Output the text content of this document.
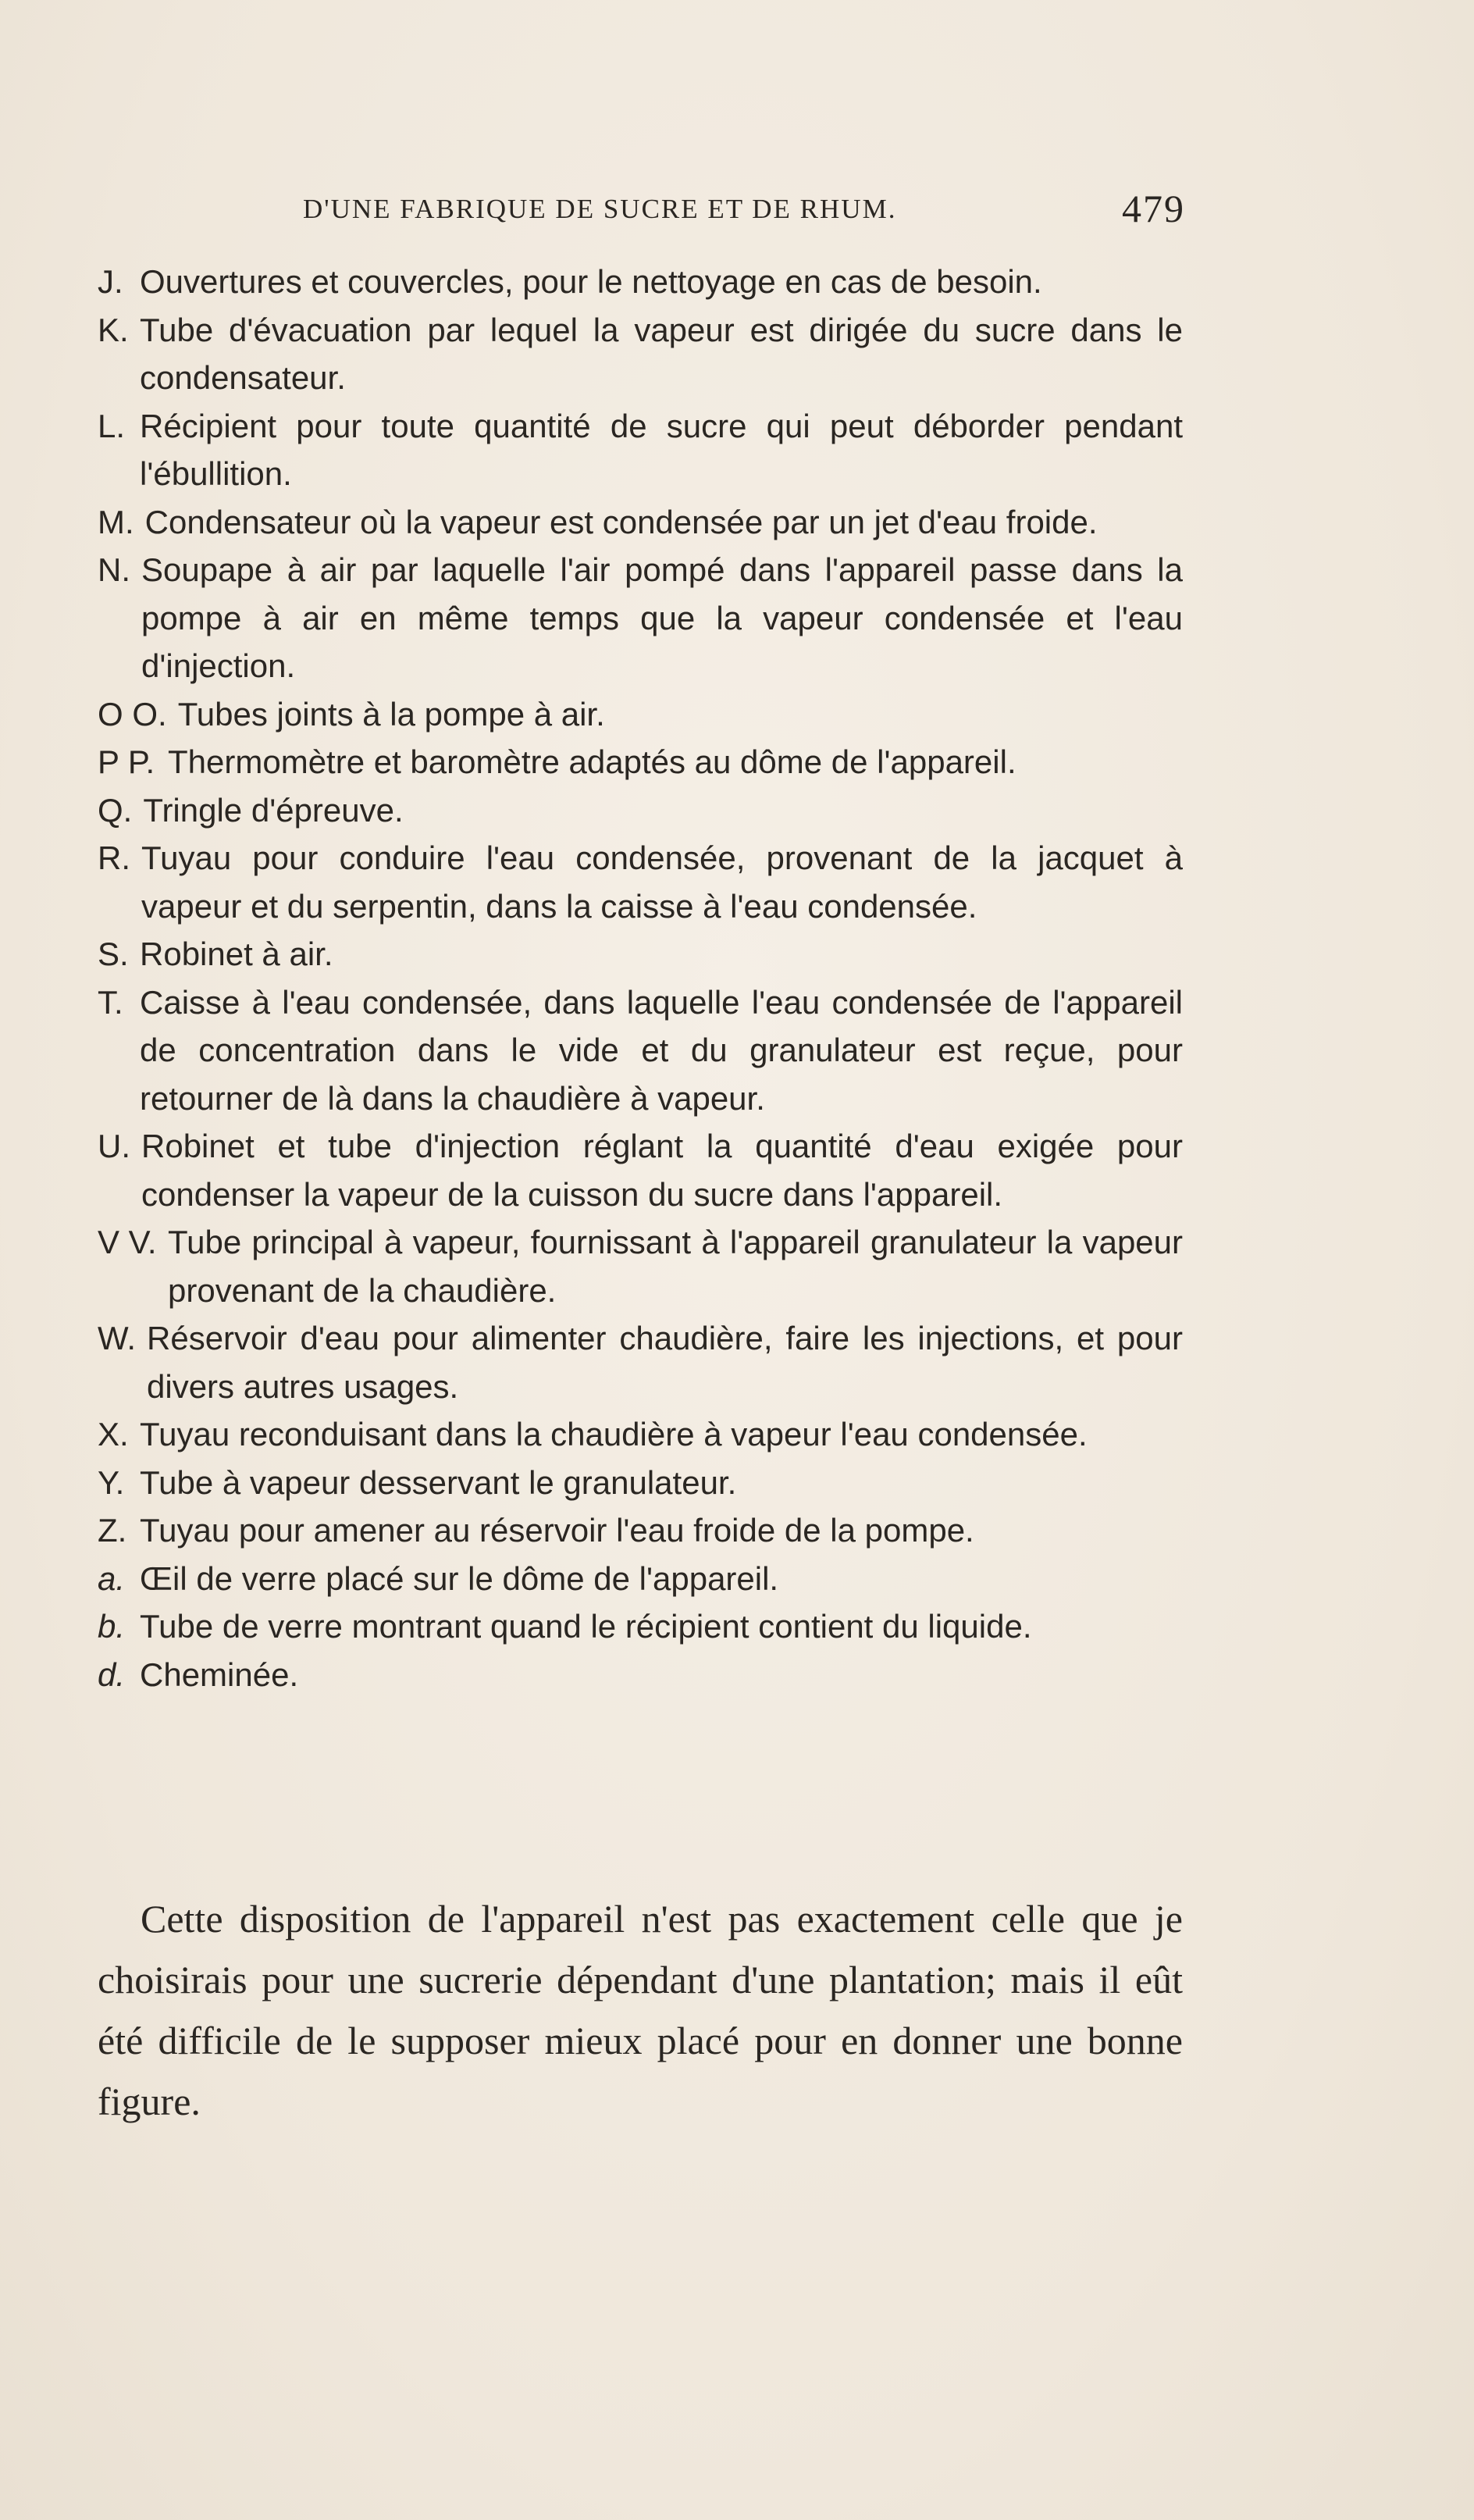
D'UNE FABRIQUE DE SUCRE ET DE RHUM.	479
J. Ouvertures et couvercles, pour le nettoyage en cas de besoin.
K. Tube d'évacuation par lequel la vapeur est dirigée du sucre dans le condensateur.
L. Récipient pour toute quantité de sucre qui peut déborder pendant l'ébullition.
M. Condensateur où la vapeur est condensée par un jet d'eau froide.
N. Soupape à air par laquelle l'air pompé dans l'appareil passe dans la pompe à air en même temps que la vapeur condensée et l'eau d'injection.
O O. Tubes joints à la pompe à air.
P P. Thermomètre et baromètre adaptés au dôme de l'appareil.
Q. Tringle d'épreuve.
R. Tuyau pour conduire l'eau condensée, provenant de la jacquet à vapeur et du serpentin, dans la caisse à l'eau condensée.
S. Robinet à air.
T. Caisse à l'eau condensée, dans laquelle l'eau condensée de l'appareil de concentration dans le vide et du granulateur est reçue, pour retourner de là dans la chaudière à vapeur.
U. Robinet et tube d'injection réglant la quantité d'eau exigée pour condenser la vapeur de la cuisson du sucre dans l'appareil.
V V. Tube principal à vapeur, fournissant à l'appareil granulateur la vapeur provenant de la chaudière.
W. Réservoir d'eau pour alimenter chaudière, faire les injections, et pour divers autres usages.
X. Tuyau reconduisant dans la chaudière à vapeur l'eau condensée.
Y. Tube à vapeur desservant le granulateur.
Z. Tuyau pour amener au réservoir l'eau froide de la pompe.
a. Œil de verre placé sur le dôme de l'appareil.
b. Tube de verre montrant quand le récipient contient du liquide.
d. Cheminée.

Cette disposition de l'appareil n'est pas exactement celle que je choisirais pour une sucrerie dépendant d'une plantation; mais il eût été difficile de le supposer mieux placé pour en donner une bonne figure.
